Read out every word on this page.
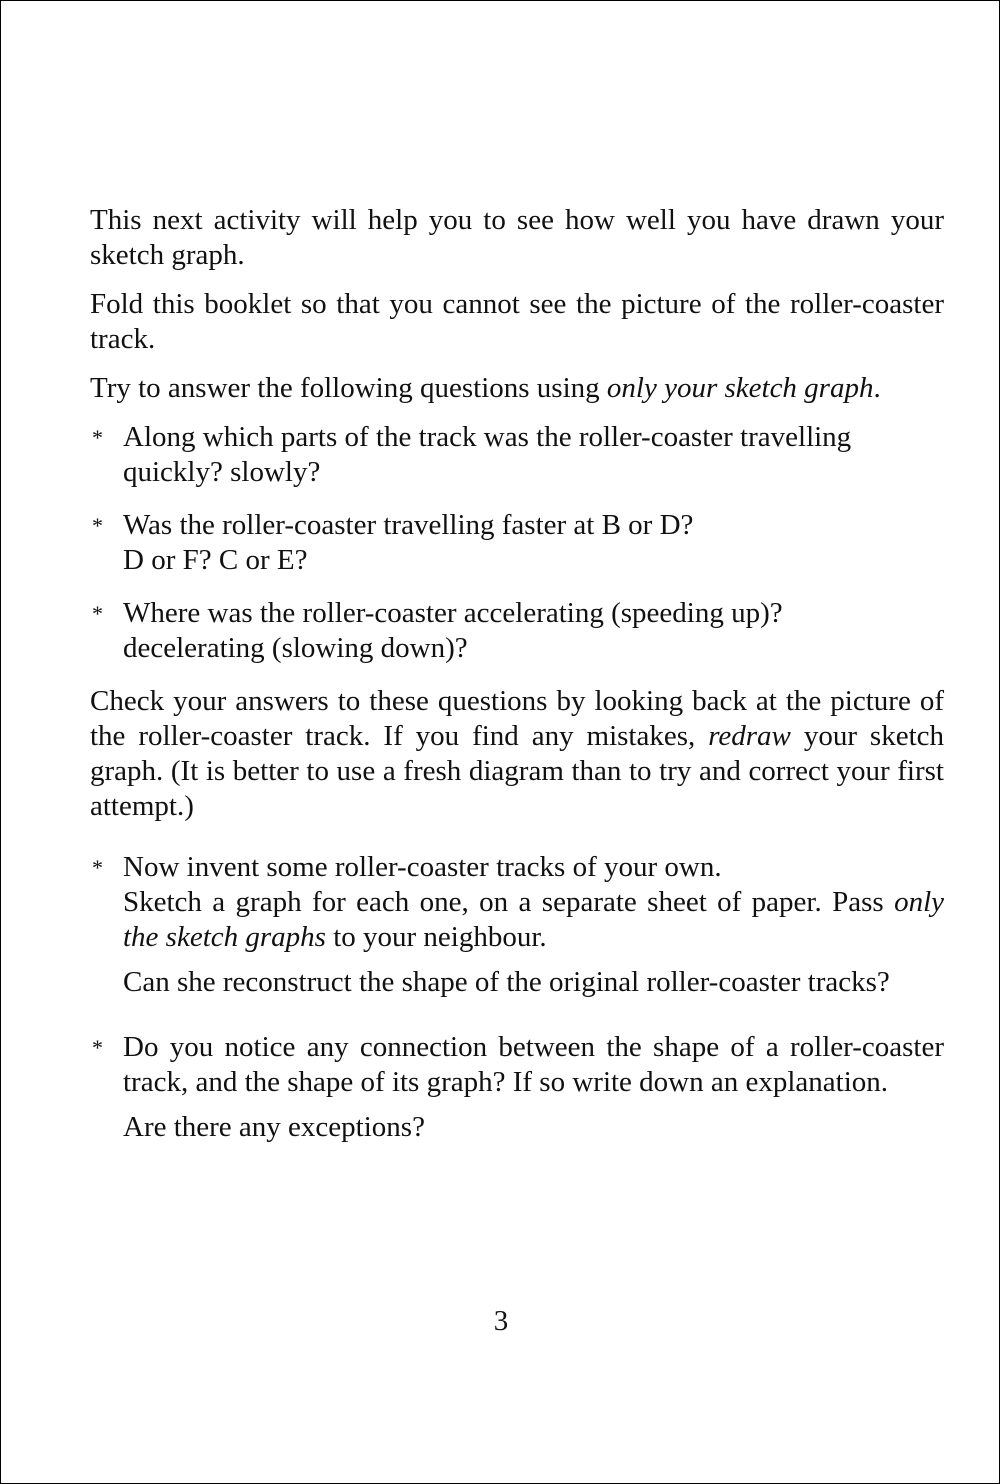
This next activity will help you to see how well you have drawn your sketch graph.

Fold this booklet so that you cannot see the picture of the roller-coaster track.

Try to answer the following questions using only your sketch graph.

* Along which parts of the track was the roller-coaster travelling
quickly? slowly?

* Was the roller-coaster travelling faster at B or D?
D or F? C or E?

* Where was the roller-coaster accelerating (speeding up)?
decelerating (slowing down)?

Check your answers to these questions by looking back at the picture of the roller-coaster track. If you find any mistakes, redraw your sketch graph. (It is better to use a fresh diagram than to try and correct your first attempt.)

* Now invent some roller-coaster tracks of your own.

Sketch a graph for each one, on a separate sheet of paper. Pass only the sketch graphs to your neighbour.

Can she reconstruct the shape of the original roller-coaster tracks?

* Do you notice any connection between the shape of a roller-coaster track, and the shape of its graph? If so write down an explanation.

Are there any exceptions?

3
